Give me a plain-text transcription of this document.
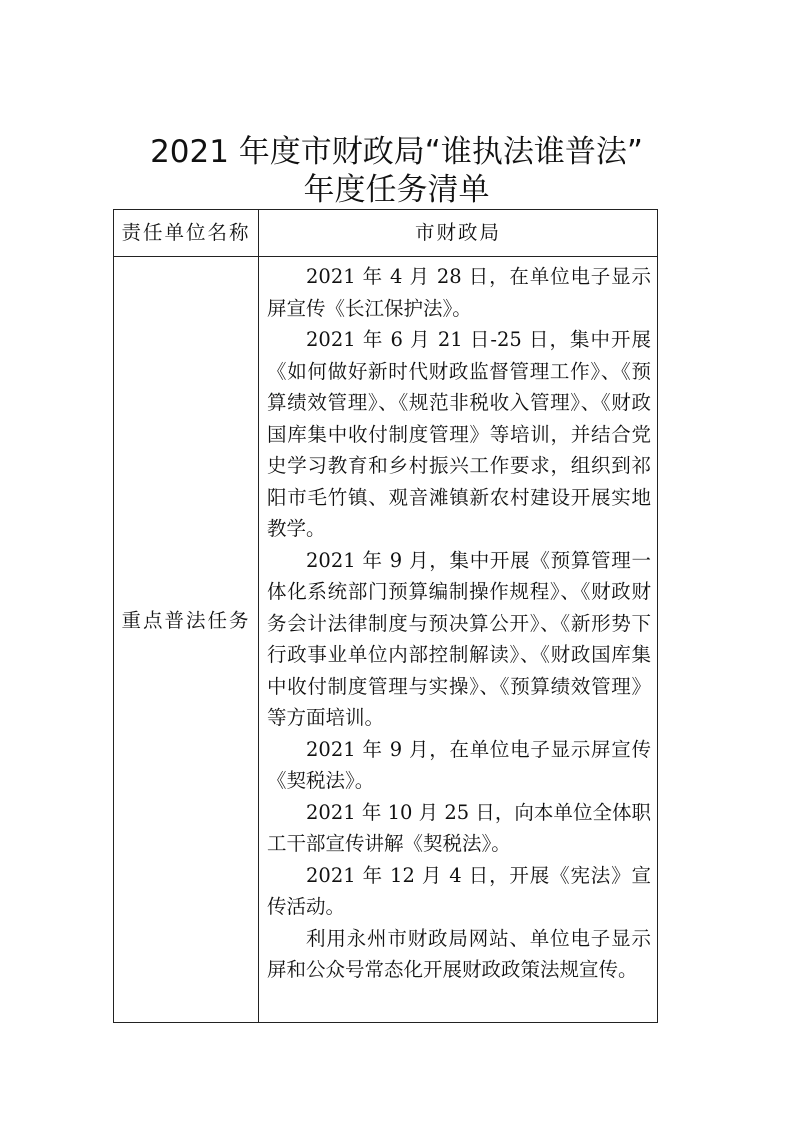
2021 年度市财政局“谁执法谁普法”
年度任务清单
责任单位名称	市财政局
重点普法任务

2021 年 4 月 28 日，在单位电子显示屏宣传《长江保护法》。

2021 年 6 月 21 日-25 日，集中开展《如何做好新时代财政监督管理工作》、《预算绩效管理》、《规范非税收入管理》、《财政国库集中收付制度管理》等培训，并结合党史学习教育和乡村振兴工作要求，组织到祁阳市毛竹镇、观音滩镇新农村建设开展实地教学。

2021 年 9 月，集中开展《预算管理一体化系统部门预算编制操作规程》、《财政财务会计法律制度与预决算公开》、《新形势下行政事业单位内部控制解读》、《财政国库集中收付制度管理与实操》、《预算绩效管理》等方面培训。

2021 年 9 月，在单位电子显示屏宣传《契税法》。

2021 年 10 月 25 日，向本单位全体职工干部宣传讲解《契税法》。

2021 年 12 月 4 日，开展《宪法》宣传活动。

利用永州市财政局网站、单位电子显示屏和公众号常态化开展财政政策法规宣传。
